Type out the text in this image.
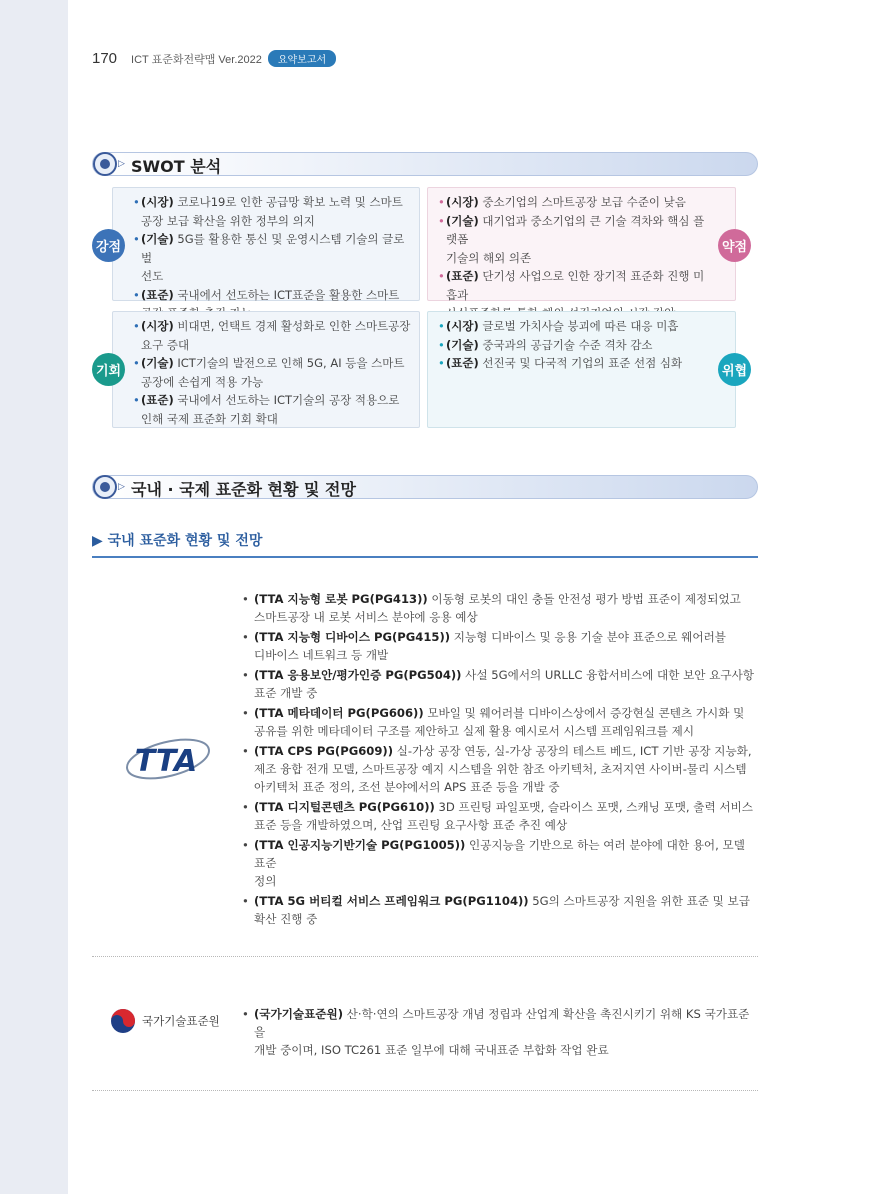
170 ICT 표준화전략맵 Ver.2022	요약보고서
▷ SWOT 분석
• (시장) 코로나19로 인한 공급망 확보 노력 및 스마트
공장 보급 확산을 위한 정부의 의지
• (기술) 5G를 활용한 통신 및 운영시스템 기술의 글로벌
선도
• (표준) 국내에서 선도하는 ICT표준을 활용한 스마트

• (시장) 중소기업의 스마트공장 보급 수준이 낮음
• (기술) 대기업과 중소기업의 큰 기술 격차와 핵심 플랫폼
기술의 해외 의존
• (표준) 단기성 사업으로 인한 장기적 표준화 진행 미흡과

• (시장) 비대면, 언택트 경제 활성화로 인한 스마트공장
요구 증대
• (기술) ICT기술의 발전으로 인해 5G, AI 등을 스마트
공장에 손쉽게 적용 가능
• (표준) 국내에서 선도하는 ICT기술의 공장 적용으로
인해 국제 표준화 기회 확대
• (시장) 글로벌 가치사슬 붕괴에 따른 대응 미흡
• (기술) 중국과의 공급기술 수준 격차 감소
• (표준) 선진국 및 다국적 기업의 표준 선점 심화
강점	약점
기회	위협
▷ 국내 · 국제 표준화 현황 및 전망
▶ 국내 표준화 현황 및 전망
TTA
• (TTA 지능형 로봇 PG(PG413)) 이동형 로봇의 대인 충돌 안전성 평가 방법 표준이 제정되었고
스마트공장 내 로봇 서비스 분야에 응용 예상
• (TTA 지능형 디바이스 PG(PG415)) 지능형 디바이스 및 응용 기술 분야 표준으로 웨어러블
디바이스 네트워크 등 개발
• (TTA 응용보안/평가인증 PG(PG504)) 사설 5G에서의 URLLC 융합서비스에 대한 보안 요구사항
표준 개발 중
• (TTA 메타데이터 PG(PG606)) 모바일 및 웨어러블 디바이스상에서 증강현실 콘텐츠 가시화 및
공유를 위한 메타데이터 구조를 제안하고 실제 활용 예시로서 시스템 프레임워크를 제시
• (TTA CPS PG(PG609)) 실-가상 공장 연동, 실-가상 공장의 테스트 베드, ICT 기반 공장 지능화,
제조 융합 전개 모델, 스마트공장 예지 시스템을 위한 참조 아키텍처, 초저지연 사이버-물리 시스템 아키텍처 표준 정의, 조선 분야에서의 APS 표준 등을 개발 중
• (TTA 디지털콘텐츠 PG(PG610)) 3D 프린팅 파일포맷, 슬라이스 포맷, 스캐닝 포맷, 출력 서비스
표준 등을 개발하였으며, 산업 프린팅 요구사항 표준 추진 예상
• (TTA 인공지능기반기술 PG(PG1005)) 인공지능을 기반으로 하는 여러 분야에 대한 용어, 모델 표준
정의
• (TTA 5G 버티컬 서비스 프레임워크 PG(PG1104)) 5G의 스마트공장 지원을 위한 표준 및 보급
확산 진행 중
국가기술표준원 • (국가기술표준원) 산·학·연의 스마트공장 개념 정립과 산업계 확산을 촉진시키기 위해 KS 국가표준을
개발 중이며, ISO TC261 표준 일부에 대해 국내표준 부합화 작업 완료
